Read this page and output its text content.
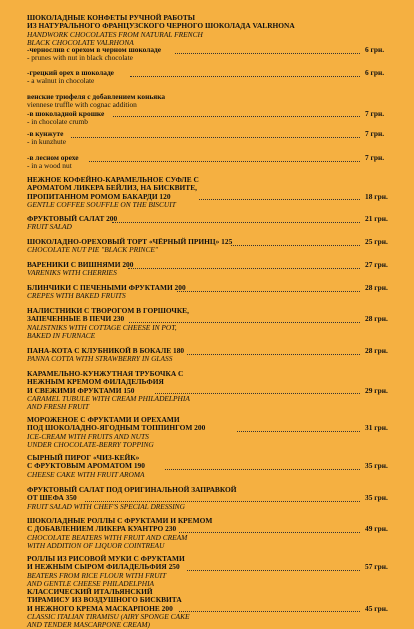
ШОКОЛАДНЫЕ КОНФЕТЫ РУЧНОЙ РАБОТЫ
ИЗ НАТУРАЛЬНОГО ФРАНЦУЗСКОГО ЧЕРНОГО ШОКОЛАДА VALRHONA
HANDWORK CHOCOLATES FROM NATURAL FRENCH
BLACK CHOCOLATE VALRHONA
-чернослив с орехом в черном шоколаде
- prunes with nut in black chocolate
6 грн.
-грецкий орех в шоколаде
- a walnut in chocolate
6 грн.
венские трюфеля с добавлением коньяка
viennese truffle with cognac addition
-в шоколадной крошке
- in chocolate crumb
7 грн.
-в кунжуте
- in kunzhute
7 грн.
-в лесном орехе
- in a wood nut
7 грн.
НЕЖНОЕ КОФЕЙНО-КАРАМЕЛЬНОЕ СУФЛЕ С
АРОМАТОМ ЛИКЕРА БЕЙЛИЗ, НА БИСКВИТЕ,
ПРОПИТАННОМ РОМОМ БАКАРДИ 120
GENTLE COFFEE SOUFFLE ON THE BISCUIT
18 грн.
ФРУКТОВЫЙ САЛАТ 200
FRUIT SALAD
21 грн.
ШОКОЛАДНО-ОРЕХОВЫЙ ТОРТ «ЧЁРНЫЙ ПРИНЦ» 125
CHOCOLATE NUT PIE "BLACK PRINCE"
25 грн.
ВАРЕНИКИ С ВИШНЯМИ 200
VARENIKS WITH CHERRIES
27 грн.
БЛИНЧИКИ С ПЕЧЕНЫМИ ФРУКТАМИ 200
CREPES WITH BAKED FRUITS
28 грн.
НАЛИСТНИКИ С ТВОРОГОМ В ГОРШОЧКЕ,
ЗАПЕЧЕННЫЕ В ПЕЧИ 230
NALISTNIKS WITH COTTAGE CHEESE IN POT,
BAKED IN FURNACE
28 грн.
ПАНА-КОТА С КЛУБНИКОЙ В БОКАЛЕ 180
PANNA COTTA WITH STRAWBERRY IN GLASS
28 грн.
КАРАМЕЛЬНО-КУНЖУТНАЯ ТРУБОЧКА С
НЕЖНЫМ КРЕМОМ ФИЛАДЕЛЬФИЯ
И СВЕЖИМИ ФРУКТАМИ 150
CARAMEL TUBULE WITH CREAM PHILADELPHIA
AND FRESH FRUIT
29 грн.
МОРОЖЕНОЕ С ФРУКТАМИ И ОРЕХАМИ
ПОД ШОКОЛАДНО-ЯГОДНЫМ ТОППИНГОМ 200
ICE-CREAM WITH FRUITS AND NUTS
UNDER CHOCOLATE-BERRY TOPPING
31 грн.
СЫРНЫЙ ПИРОГ «ЧИЗ-КЕЙК»
С ФРУКТОВЫМ АРОМАТОМ 190
CHEESE CAKE WITH FRUIT AROMA
35 грн.
ФРУКТОВЫЙ САЛАТ ПОД ОРИГИНАЛЬНОЙ ЗАПРАВКОЙ
ОТ ШЕФА 350
FRUIT SALAD WITH CHEF'S SPECIAL DRESSING
35 грн.
ШОКОЛАДНЫЕ РОЛЛЫ С ФРУКТАМИ И КРЕМОМ
С ДОБАВЛЕНИЕМ ЛИКЕРА КУАНТРО 230
CHOCOLATE BEATERS WITH FRUIT AND CREAM
WITH ADDITION OF LIQUOR COINTREAU
49 грн.
РОЛЛЫ ИЗ РИСОВОЙ МУКИ С ФРУКТАМИ
И НЕЖНЫМ СЫРОМ ФИЛАДЕЛЬФИЯ 250
BEATERS FROM RICE FLOUR WITH FRUIT
AND GENTLE CHEESE PHILADELPHIA
57 грн.
КЛАССИЧЕСКИЙ ИТАЛЬЯНСКИЙ
ТИРАМИСУ ИЗ ВОЗДУШНОГО БИСКВИТА
И НЕЖНОГО КРЕМА МАСКАРПОНЕ 200
CLASSIC ITALIAN TIRAMISU (AIRY SPONGE CAKE
AND TENDER MASCARPONE CREAM)
45 грн.
